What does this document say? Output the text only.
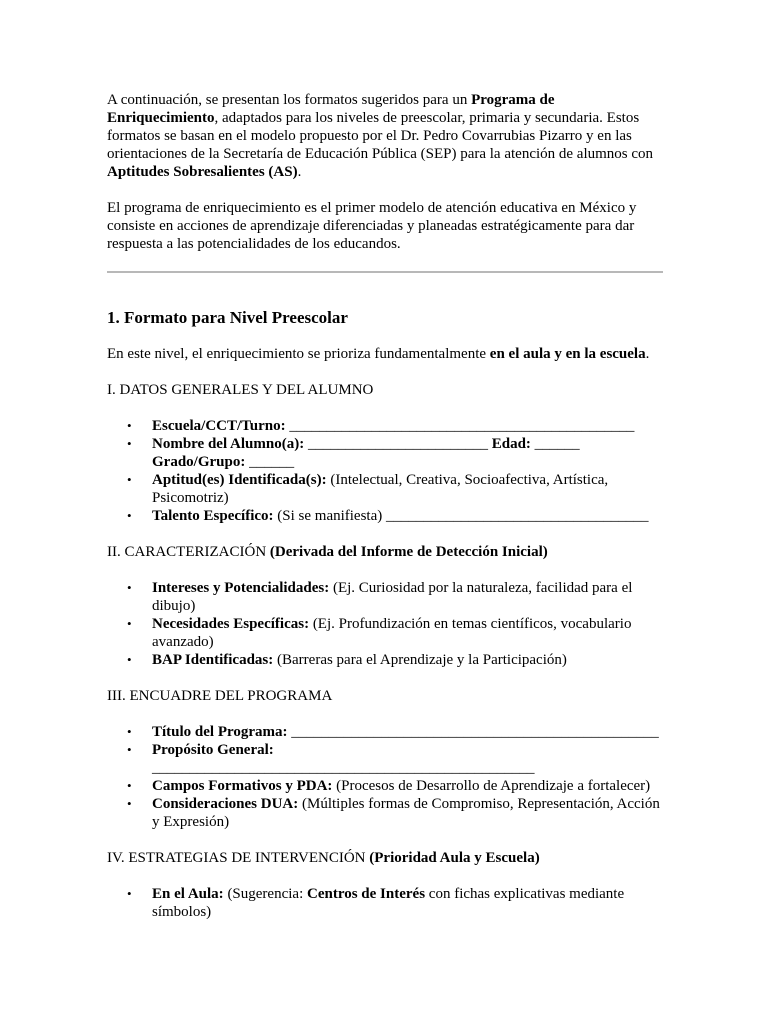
A continuación, se presentan los formatos sugeridos para un Programa de Enriquecimiento, adaptados para los niveles de preescolar, primaria y secundaria. Estos formatos se basan en el modelo propuesto por el Dr. Pedro Covarrubias Pizarro y en las orientaciones de la Secretaría de Educación Pública (SEP) para la atención de alumnos con Aptitudes Sobresalientes (AS).

El programa de enriquecimiento es el primer modelo de atención educativa en México y consiste en acciones de aprendizaje diferenciadas y planeadas estratégicamente para dar respuesta a las potencialidades de los educandos.

1. Formato para Nivel Preescolar

En este nivel, el enriquecimiento se prioriza fundamentalmente en el aula y en la escuela.

I. DATOS GENERALES Y DEL ALUMNO
• Escuela/CCT/Turno: ______________________________________________
• Nombre del Alumno(a): ________________________ Edad: ______ Grado/Grupo: ______
• Aptitud(es) Identificada(s): (Intelectual, Creativa, Socioafectiva, Artística, Psicomotriz)
• Talento Específico: (Si se manifiesta) ___________________________________
II. CARACTERIZACIÓN (Derivada del Informe de Detección Inicial)
• Intereses y Potencialidades: (Ej. Curiosidad por la naturaleza, facilidad para el dibujo)
• Necesidades Específicas: (Ej. Profundización en temas científicos, vocabulario avanzado)
• BAP Identificadas: (Barreras para el Aprendizaje y la Participación)
III. ENCUADRE DEL PROGRAMA
• Título del Programa: _________________________________________________
• Propósito General:
___________________________________________________
• Campos Formativos y PDA: (Procesos de Desarrollo de Aprendizaje a fortalecer)
• Consideraciones DUA: (Múltiples formas de Compromiso, Representación, Acción y Expresión)
IV. ESTRATEGIAS DE INTERVENCIÓN (Prioridad Aula y Escuela)
• En el Aula: (Sugerencia: Centros de Interés con fichas explicativas mediante símbolos)
